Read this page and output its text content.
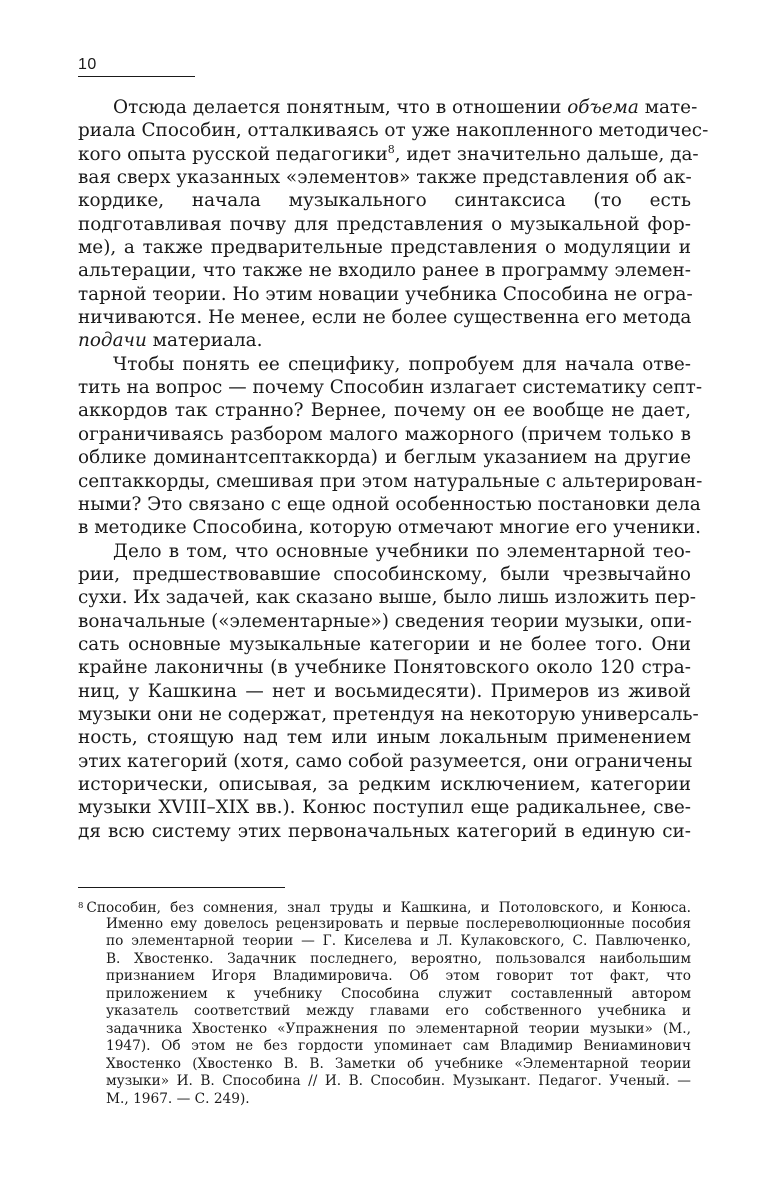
10
Отсюда делается понятным, что в отношении объема мате-
риала Способин, отталкиваясь от уже накопленного методичес-
кого опыта русской педагогики$^8$, идет значительно дальше, да-
вая сверх указанных «элементов» также представления об ак-
кордике, начала музыкального синтаксиса (то есть
подготавливая почву для представления о музыкальной фор-
ме), а также предварительные представления о модуляции и
альтерации, что также не входило ранее в программу элемен-
тарной теории. Но этим новации учебника Способина не огра-
ничиваются. Не менее, если не более существенна его метода
подачи материала.
Чтобы понять ее специфику, попробуем для начала отве-
тить на вопрос — почему Способин излагает систематику септ-
аккордов так странно? Вернее, почему он ее вообще не дает,
ограничиваясь разбором малого мажорного (причем только в
облике доминантсептаккорда) и беглым указанием на другие
септаккорды, смешивая при этом натуральные с альтерирован-
ными? Это связано с еще одной особенностью постановки дела
в методике Способина, которую отмечают многие его ученики.
Дело в том, что основные учебники по элементарной тео-
рии, предшествовавшие способинскому, были чрезвычайно
сухи. Их задачей, как сказано выше, было лишь изложить пер-
воначальные («элементарные») сведения теории музыки, опи-
сать основные музыкальные категории и не более того. Они
крайне лаконичны (в учебнике Понятовского около 120 стра-
ниц, у Кашкина — нет и восьмидесяти). Примеров из живой
музыки они не содержат, претендуя на некоторую универсаль-
ность, стоящую над тем или иным локальным применением
этих категорий (хотя, само собой разумеется, они ограничены
исторически, описывая, за редким исключением, категории
музыки XVIII–XIX вв.). Конюс поступил еще радикальнее, све-
дя всю систему этих первоначальных категорий в единую си-
$^8$ Способин, без сомнения, знал труды и Кашкина, и Потоловского, и Конюса.
Именно ему довелось рецензировать и первые послереволюционные пособия
по элементарной теории — Г. Киселева и Л. Кулаковского, С. Павлюченко,
В. Хвостенко. Задачник последнего, вероятно, пользовался наибольшим
признанием Игоря Владимировича. Об этом говорит тот факт, что
приложением к учебнику Способина служит составленный автором
указатель соответствий между главами его собственного учебника и
задачника Хвостенко «Упражнения по элементарной теории музыки» (М.,
1947). Об этом не без гордости упоминает сам Владимир Вениаминович
Хвостенко (Хвостенко В. В. Заметки об учебнике «Элементарной теории
музыки» И. В. Способина // И. В. Способин. Музыкант. Педагог. Ученый. —
М., 1967. — С. 249).
